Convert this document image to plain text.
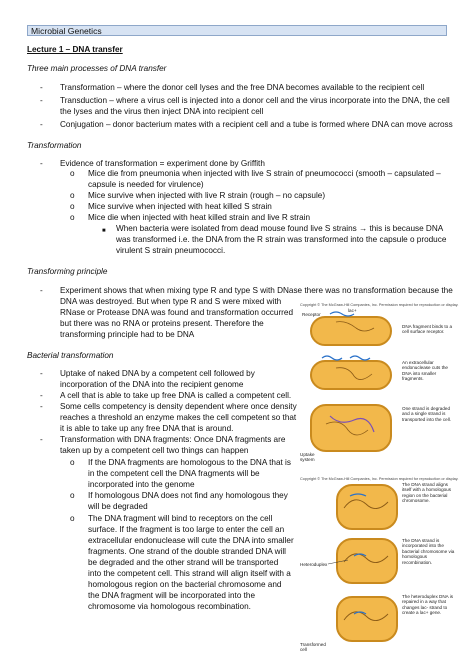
Microbial Genetics
Lecture 1 – DNA transfer
Three main processes of DNA transfer
- Transformation – where the donor cell lyses and the free DNA becomes available to the recipient cell
- Transduction – where a virus cell is injected into a donor cell and the virus incorporate into the DNA, the cell
the lyses and the virus then inject DNA into recipient cell
- Conjugation – donor bacterium mates with a recipient cell and a tube is formed where DNA can move across
Transformation
- Evidence of transformation = experiment done by Griffith
o Mice die from pneumonia when injected with live S strain of pneumococci (smooth – capsulated –
capsule is needed for virulence)
o Mice survive when injected with live R strain (rough – no capsule)
o Mice survive when injected with heat killed S strain
o Mice die when injected with heat killed strain and live R strain
■ When bacteria were isolated from dead mouse found live S strains → this is because DNA
was transformed i.e. the DNA from the R strain was transformed into the capsule o produce
virulent S strain pneumococci.
Transforming principle
- Experiment shows that when mixing type R and type S with DNase there was no transformation because the
DNA was destroyed. But when type R and S were mixed with
RNase or Protease DNA was found and transformation occurred
but there was no RNA or proteins present. Therefore the
transforming principle had to be DNA
Bacterial transformation
- Uptake of naked DNA by a competent cell followed by
incorporation of the DNA into the recipient genome
- A cell that is able to take up free DNA is called a competent cell.
- Some cells competency is density dependent where once density
reaches a threshold an enzyme makes the cell competent so that
it is able to take up any free DNA that is around.
- Transformation with DNA fragments: Once DNA fragments are
taken up by a competent cell two things can happen
o If the DNA fragments are homologous to the DNA that is
in the competent cell the DNA fragments will be
incorporated into the genome
o If homologous DNA does not find any homologous they
will be degraded
o The DNA fragment will bind to receptors on the cell
surface. If the fragment is too large to enter the cell an
extracellular endonuclease will cute the DNA into smaller
fragments. One strand of the double stranded DNA will
be degraded and the other strand will be transported
into the competent cell. This strand will align itself with a
homologous region on the bacterial chromosome and
the DNA fragment will be incorporated into the
chromosome via homologous recombination.
Copyright © The McGraw-Hill Companies, Inc. Permission required for reproduction or display.
Receptor
lac+
Uptake system
DNA fragment binds to a cell surface receptor.
An extracellular endonuclease cuts the DNA into smaller fragments.
One strand is degraded and a single strand is transported into the cell.
Copyright © The McGraw-Hill Companies, Inc. Permission required for reproduction or display.
Heteroduplex
Transformed cell
The DNA strand aligns itself with a homologous region on the bacterial chromosome.
The DNA strand is incorporated into the bacterial chromosome via homologous recombination.
The heteroduplex DNA is repaired in a way that changes lac- strand to create a lac+ gene.
